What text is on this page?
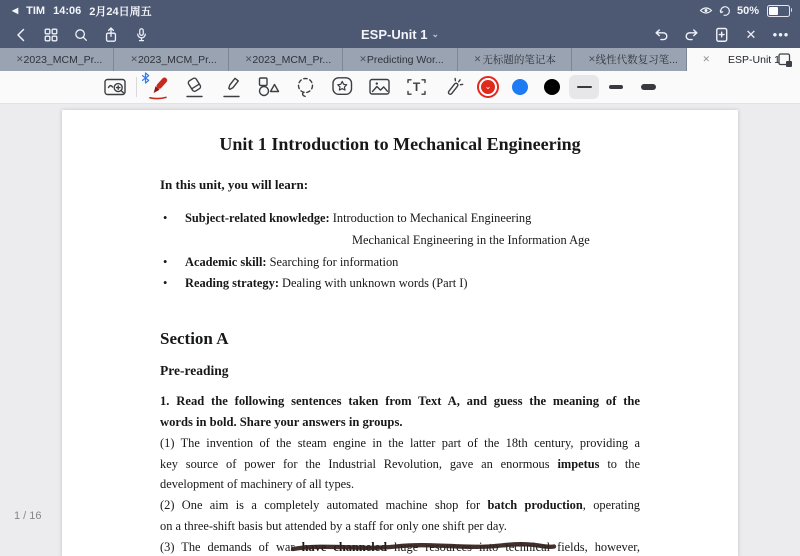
◀ TIM 14:06 2月24日周五	50%
ESP-Unit 1 ⌄	✕ •••
✕ 2023_MCM_Pr...	✕ 2023_MCM_Pr...	✕ 2023_MCM_Pr...	✕ Predicting Wor...	✕ 无标题的笔记本	✕ 线性代数复习笔...	✕	ESP-Unit 1
T	⌄
Unit 1 Introduction to Mechanical Engineering
In this unit, you will learn:
• Subject-related knowledge: Introduction to Mechanical Engineering
Mechanical Engineering in the Information Age
• Academic skill: Searching for information
• Reading strategy: Dealing with unknown words (Part I)
Section A
Pre-reading
1. Read the following sentences taken from Text A, and guess the meaning of the
words in bold. Share your answers in groups.
(1) The invention of the steam engine in the latter part of the 18th century, providing a
key source of power for the Industrial Revolution, gave an enormous impetus to the
development of machinery of all types.
(2) One aim is a completely automated machine shop for batch production, operating
on a three-shift basis but attended by a staff for only one shift per day.
(3) The demands of war have channeled huge resources into technical fields, however,
1 / 16
